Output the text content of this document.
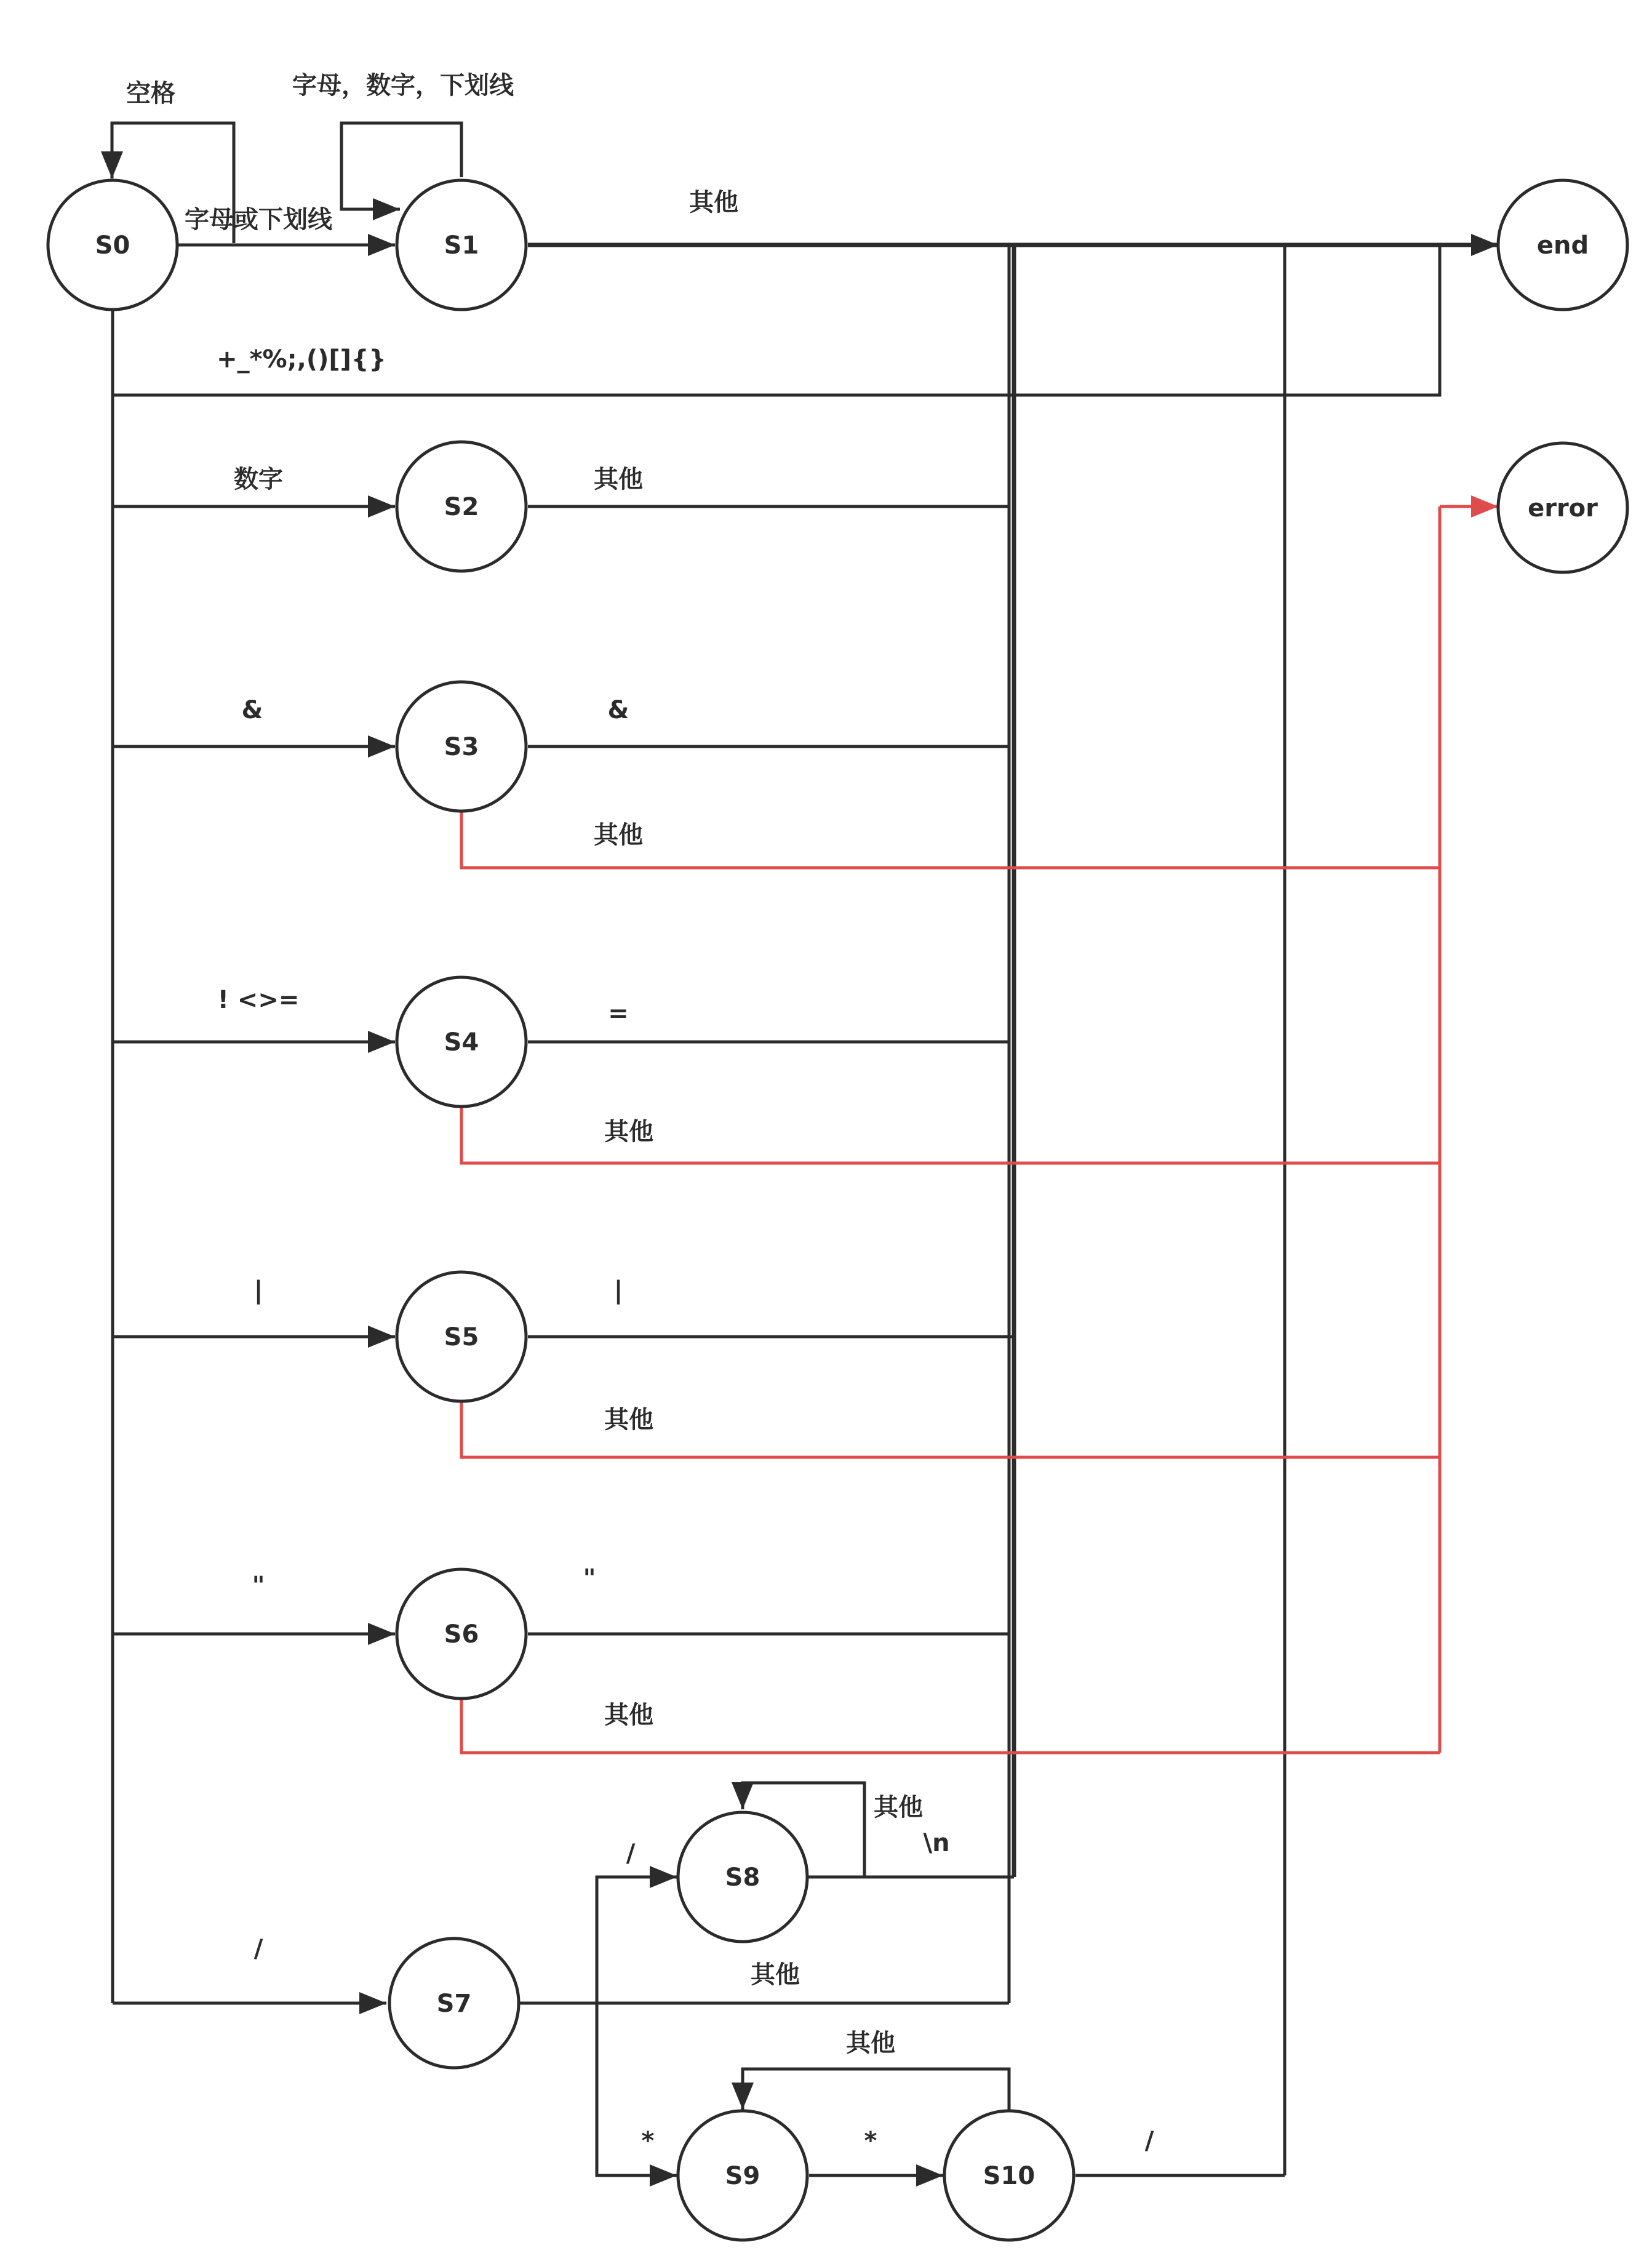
S0	S1	end
error
S2
S3
S4
S5
S6
S7
S8
S9	S10
空格	字母，数字，下划线
字母或下划线
其他
+_*%;,()[]{}
数字	其他
&	&
其他
! <>=	=
其他
|	|
其他
"	"
其他
其他
\n
/
/
其他
其他
*	*	/
